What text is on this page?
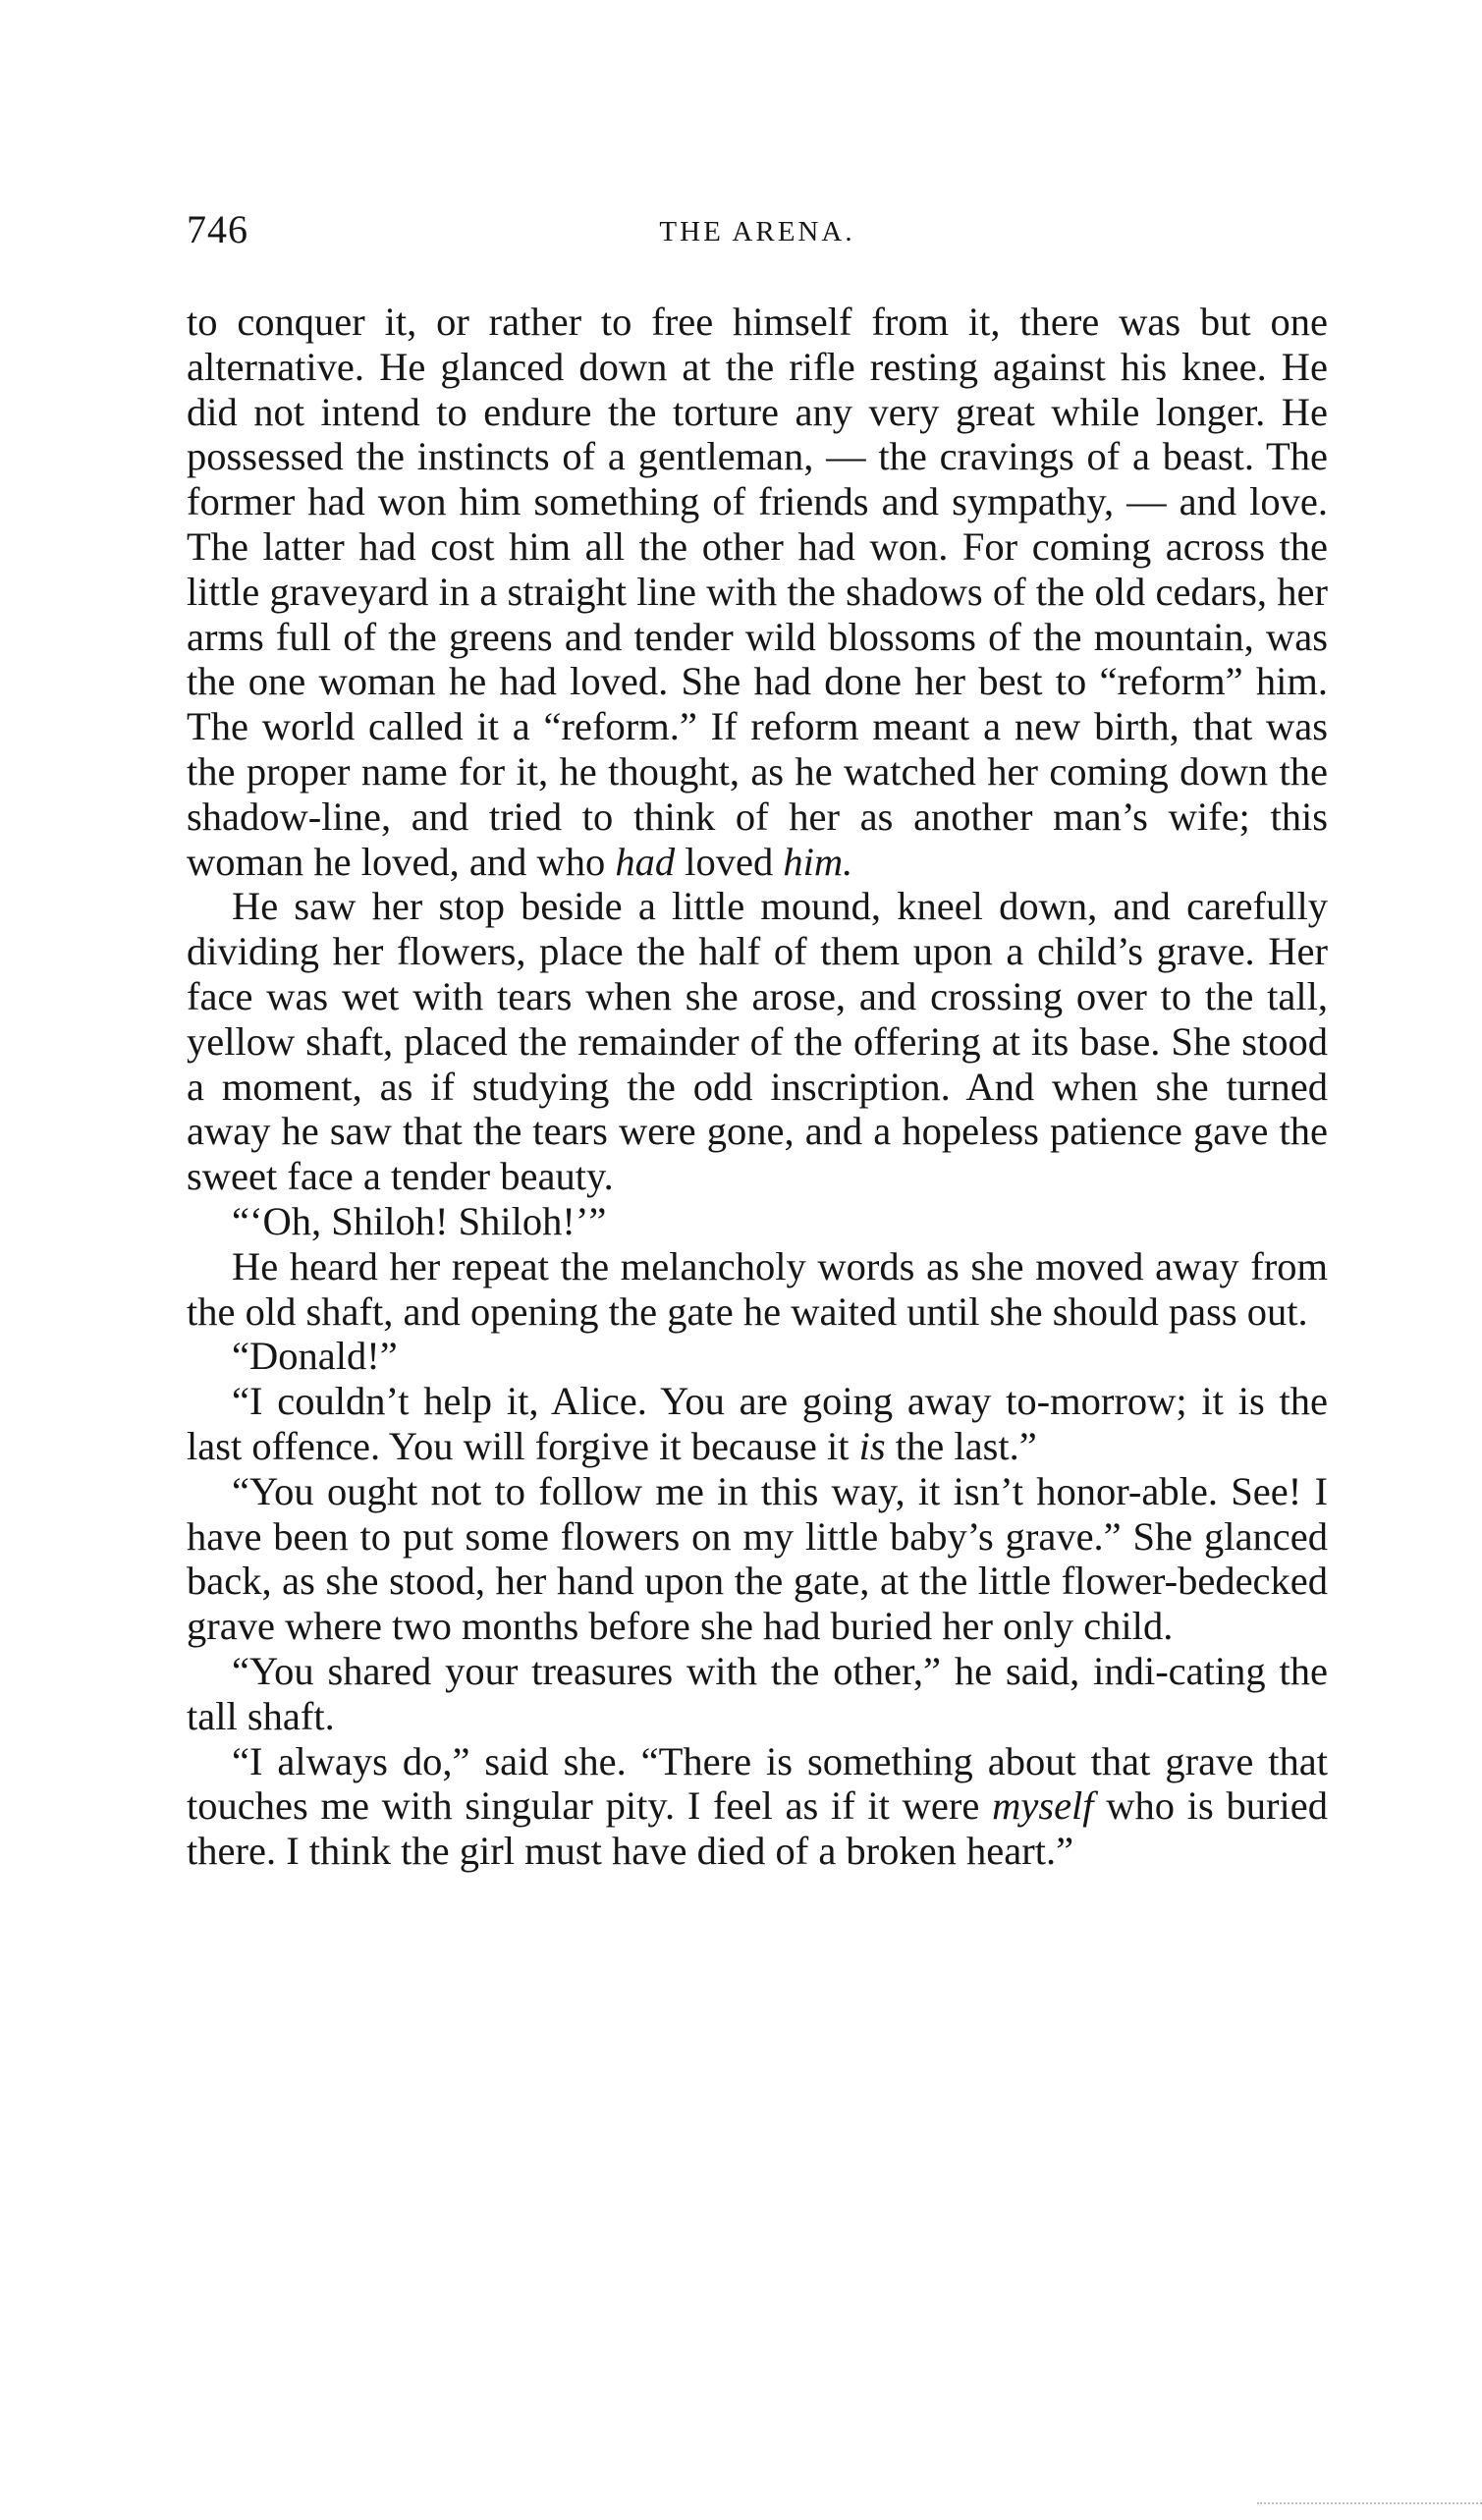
746	THE ARENA.

to conquer it, or rather to free himself from it, there was but one alternative. He glanced down at the rifle resting against his knee. He did not intend to endure the torture any very great while longer. He possessed the instincts of a gentleman, — the cravings of a beast. The former had won him something of friends and sympathy, — and love. The latter had cost him all the other had won. For coming across the little graveyard in a straight line with the shadows of the old cedars, her arms full of the greens and tender wild blossoms of the mountain, was the one woman he had loved. She had done her best to “reform” him. The world called it a “reform.” If reform meant a new birth, that was the proper name for it, he thought, as he watched her coming down the shadow-line, and tried to think of her as another man’s wife; this woman he loved, and who had loved him.

He saw her stop beside a little mound, kneel down, and carefully dividing her flowers, place the half of them upon a child’s grave. Her face was wet with tears when she arose, and crossing over to the tall, yellow shaft, placed the remainder of the offering at its base. She stood a moment, as if studying the odd inscription. And when she turned away he saw that the tears were gone, and a hopeless patience gave the sweet face a tender beauty.

“‘Oh, Shiloh! Shiloh!’”

He heard her repeat the melancholy words as she moved away from the old shaft, and opening the gate he waited until she should pass out.

“Donald!”

“I couldn’t help it, Alice. You are going away to-morrow; it is the last offence. You will forgive it because it is the last.”

“You ought not to follow me in this way, it isn’t honor-able. See! I have been to put some flowers on my little baby’s grave.” She glanced back, as she stood, her hand upon the gate, at the little flower-bedecked grave where two months before she had buried her only child.

“You shared your treasures with the other,” he said, indi-cating the tall shaft.

“I always do,” said she. “There is something about that grave that touches me with singular pity. I feel as if it were myself who is buried there. I think the girl must have died of a broken heart.”
